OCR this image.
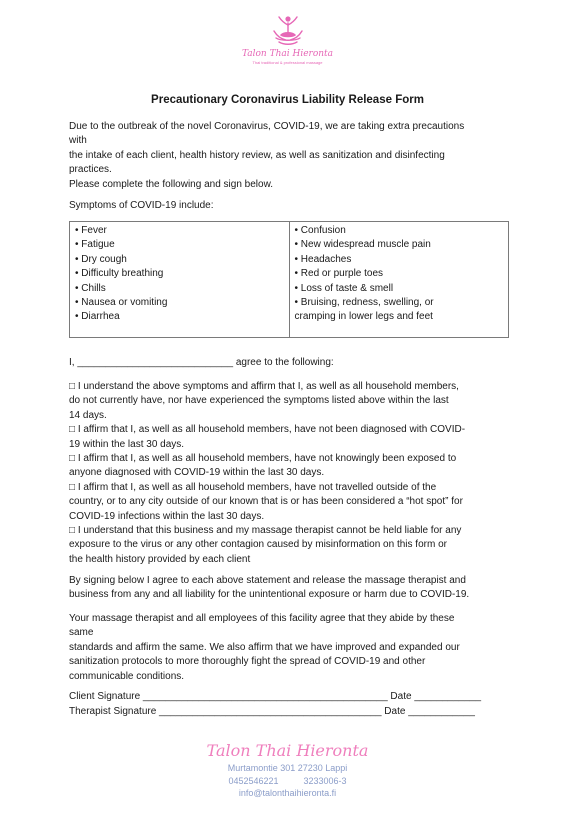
Talon Thai Hieronta
Thai traditional & professional massage
Precautionary Coronavirus Liability Release Form

Due to the outbreak of the novel Coronavirus, COVID-19, we are taking extra precautions

with

the intake of each client, health history review, as well as sanitization and disinfecting

practices.

Please complete the following and sign below.

Symptoms of COVID-19 include:

• Fever
• Fatigue
• Dry cough
• Difficulty breathing
• Chills
• Nausea or vomiting
• Diarrhea

• Confusion
• New widespread muscle pain
• Headaches
• Red or purple toes
• Loss of taste & smell
• Bruising, redness, swelling, or
cramping in lower legs and feet

I, ____________________________ agree to the following:

□ I understand the above symptoms and affirm that I, as well as all household members,

do not currently have, nor have experienced the symptoms listed above within the last

14 days.

□ I affirm that I, as well as all household members, have not been diagnosed with COVID-

19 within the last 30 days.

□ I affirm that I, as well as all household members, have not knowingly been exposed to

anyone diagnosed with COVID-19 within the last 30 days.

□ I affirm that I, as well as all household members, have not travelled outside of the

country, or to any city outside of our known that is or has been considered a “hot spot” for

COVID-19 infections within the last 30 days.

□ I understand that this business and my massage therapist cannot be held liable for any

exposure to the virus or any other contagion caused by misinformation on this form or

the health history provided by each client

By signing below I agree to each above statement and release the massage therapist and

business from any and all liability for the unintentional exposure or harm due to COVID-19.

Your massage therapist and all employees of this facility agree that they abide by these

same

standards and affirm the same. We also affirm that we have improved and expanded our

sanitization protocols to more thoroughly fight the spread of COVID-19 and other

communicable conditions.

Client Signature ____________________________________________ Date ____________
Therapist Signature ________________________________________ Date ____________
Talon Thai Hieronta
Murtamontie 301 27230 Lappi
0452546221          3233006-3
info@talonthaihieronta.fi
